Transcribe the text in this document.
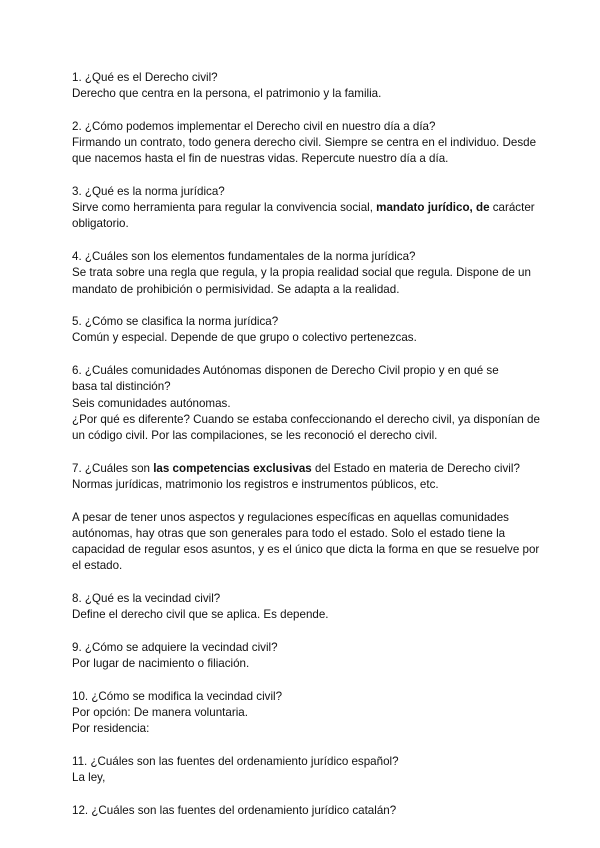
1. ¿Qué es el Derecho civil?
Derecho que centra en la persona, el patrimonio y la familia.
2. ¿Cómo podemos implementar el Derecho civil en nuestro día a día?
Firmando un contrato, todo genera derecho civil. Siempre se centra en el individuo. Desde
que nacemos hasta el fin de nuestras vidas. Repercute nuestro día a día.
3. ¿Qué es la norma jurídica?
Sirve como herramienta para regular la convivencia social, mandato jurídico, de carácter
obligatorio.
4. ¿Cuáles son los elementos fundamentales de la norma jurídica?
Se trata sobre una regla que regula, y la propia realidad social que regula. Dispone de un
mandato de prohibición o permisividad. Se adapta a la realidad.
5. ¿Cómo se clasifica la norma jurídica?
Común y especial. Depende de que grupo o colectivo pertenezcas.
6. ¿Cuáles comunidades Autónomas disponen de Derecho Civil propio y en qué se
basa tal distinción?
Seis comunidades autónomas.
¿Por qué es diferente? Cuando se estaba confeccionando el derecho civil, ya disponían de
un código civil. Por las compilaciones, se les reconoció el derecho civil.
7. ¿Cuáles son las competencias exclusivas del Estado en materia de Derecho civil?
Normas jurídicas, matrimonio los registros e instrumentos públicos, etc.
A pesar de tener unos aspectos y regulaciones específicas en aquellas comunidades
autónomas, hay otras que son generales para todo el estado. Solo el estado tiene la
capacidad de regular esos asuntos, y es el único que dicta la forma en que se resuelve por
el estado.
8. ¿Qué es la vecindad civil?
Define el derecho civil que se aplica. Es depende.
9. ¿Cómo se adquiere la vecindad civil?
Por lugar de nacimiento o filiación.
10. ¿Cómo se modifica la vecindad civil?
Por opción: De manera voluntaria.
Por residencia:
11. ¿Cuáles son las fuentes del ordenamiento jurídico español?
La ley,
12. ¿Cuáles son las fuentes del ordenamiento jurídico catalán?
